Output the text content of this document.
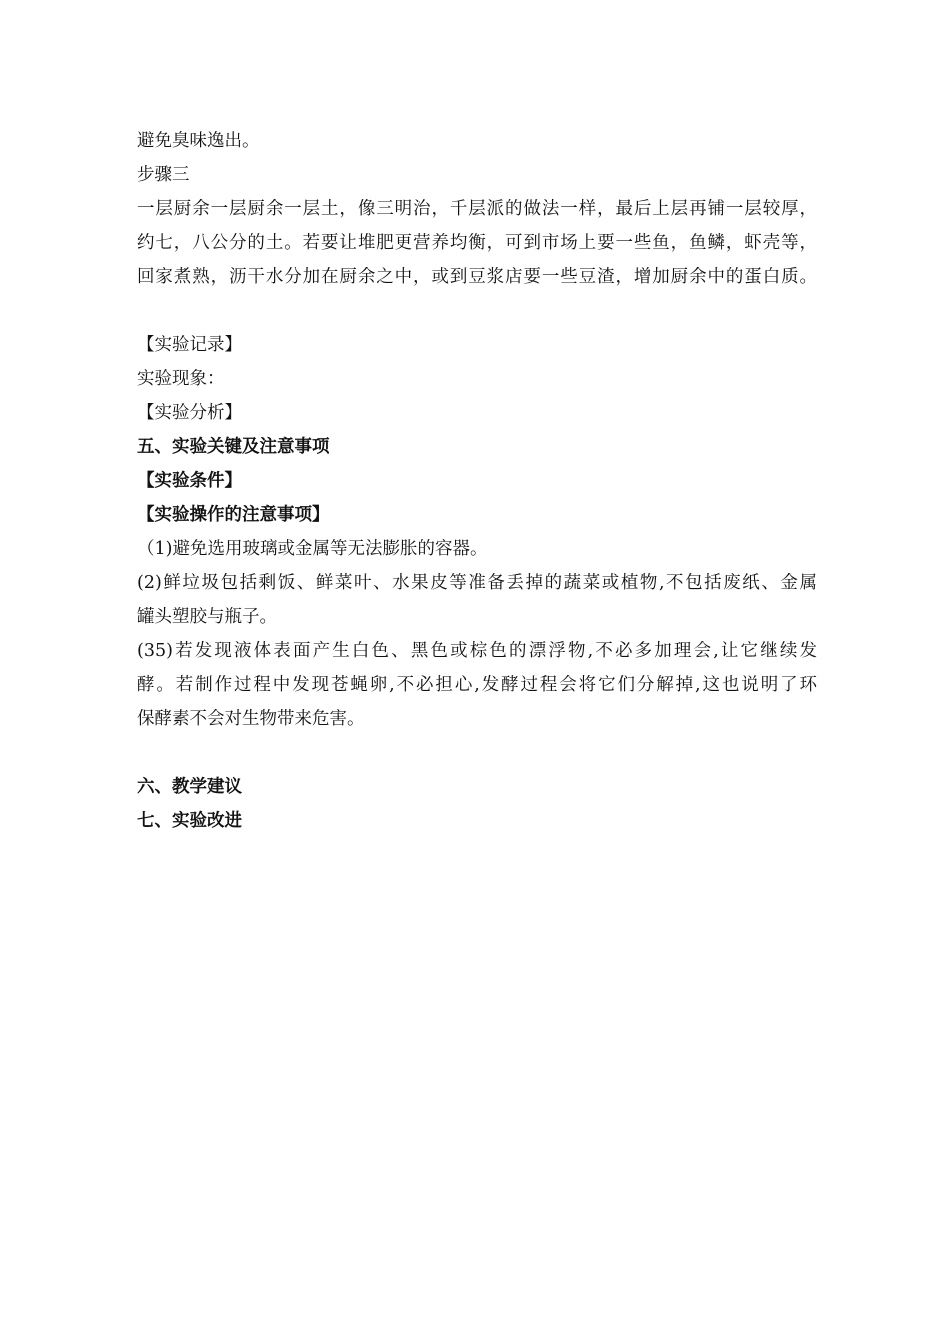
避免臭味逸出。
步骤三
一层厨余一层厨余一层土，像三明治，千层派的做法一样，最后上层再铺一层较厚，
约七，八公分的土。若要让堆肥更营养均衡，可到市场上要一些鱼，鱼鳞，虾壳等，
回家煮熟，沥干水分加在厨余之中，或到豆浆店要一些豆渣，增加厨余中的蛋白质。
【实验记录】
实验现象：
【实验分析】
五、实验关键及注意事项
【实验条件】
【实验操作的注意事项】
（1)避免选用玻璃或金属等无法膨胀的容器。
(2)鲜垃圾包括剩饭、鲜菜叶、水果皮等准备丢掉的蔬菜或植物,不包括废纸、金属
罐头塑胶与瓶子。
(35)若发现液体表面产生白色、黑色或棕色的漂浮物,不必多加理会,让它继续发
酵。若制作过程中发现苍蝇卵,不必担心,发酵过程会将它们分解掉,这也说明了环
保酵素不会对生物带来危害。
六、教学建议
七、实验改进
